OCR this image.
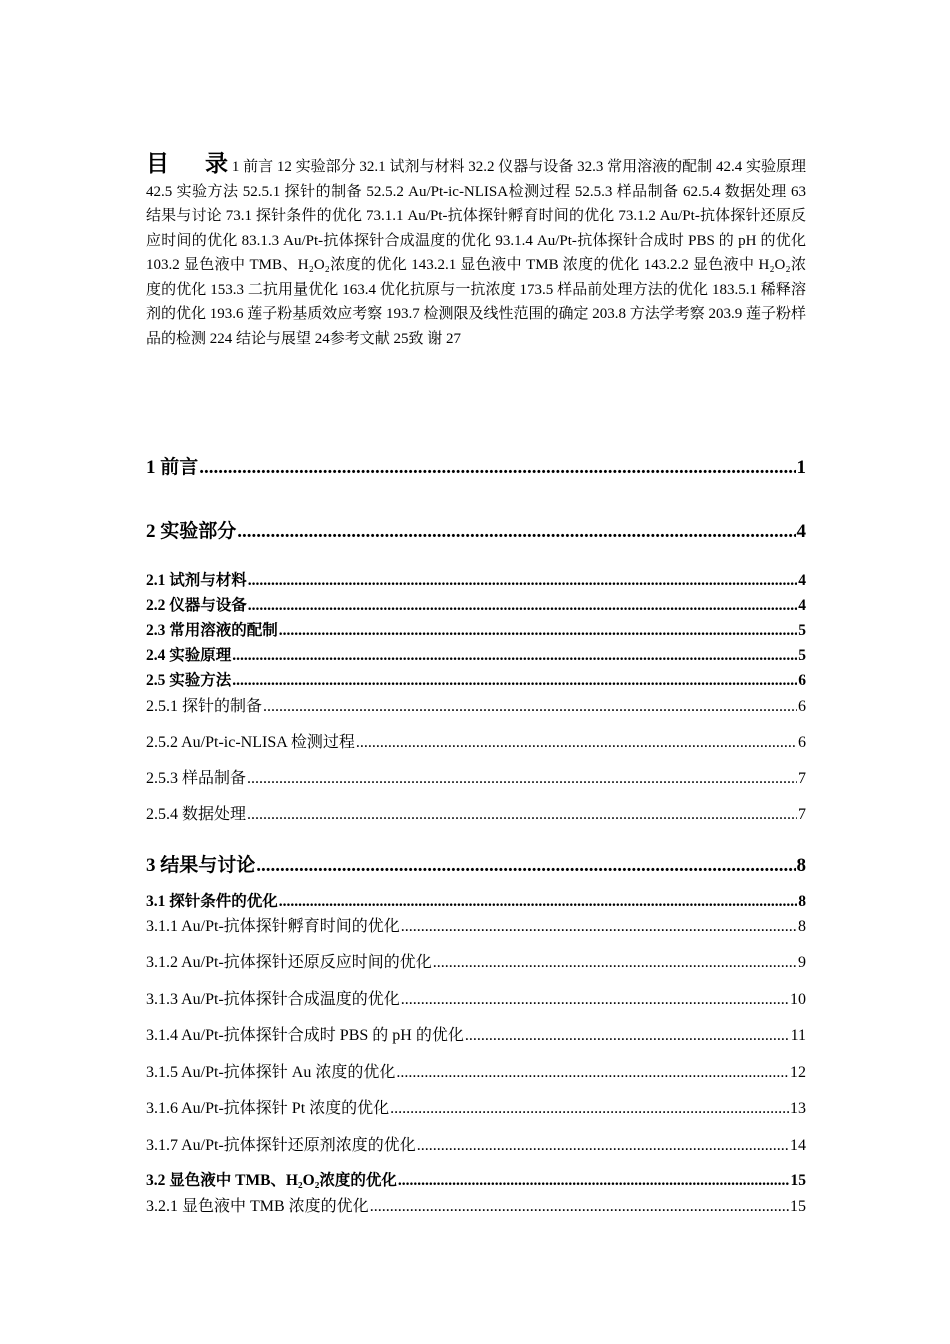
目 录 1 前言 12 实验部分 32.1 试剂与材料 32.2 仪器与设备 32.3 常用溶液的配制 42.4 实验原理 42.5 实验方法 52.5.1 探针的制备 52.5.2 Au/Pt-ic-NLISA检测过程 52.5.3 样品制备 62.5.4 数据处理 63 结果与讨论 73.1 探针条件的优化 73.1.1 Au/Pt-抗体探针孵育时间的优化 73.1.2 Au/Pt-抗体探针还原反应时间的优化 83.1.3 Au/Pt-抗体探针合成温度的优化 93.1.4 Au/Pt-抗体探针合成时 PBS 的 pH 的优化 103.2 显色液中 TMB、H₂O₂浓度的优化 143.2.1 显色液中 TMB 浓度的优化 143.2.2 显色液中 H₂O₂浓度的优化 153.3 二抗用量优化 163.4 优化抗原与一抗浓度 173.5 样品前处理方法的优化 183.5.1 稀释溶剂的优化 193.6 莲子粉基质效应考察 193.7 检测限及线性范围的确定 203.8 方法学考察 203.9 莲子粉样品的检测 224 结论与展望 24参考文献 25致 谢 27
1 前言 .....	1
2 实验部分 .....	4
2.1 试剂与材料 .....	4
2.2 仪器与设备 .....	4
2.3 常用溶液的配制 .....	5
2.4 实验原理 .....	5
2.5 实验方法 .....	6
2.5.1 探针的制备 .....	6
2.5.2 Au/Pt-ic-NLISA 检测过程 .....	6
2.5.3 样品制备 .....	7
2.5.4 数据处理 .....	7
3 结果与讨论 .....	8
3.1 探针条件的优化 .....	8
3.1.1 Au/Pt-抗体探针孵育时间的优化 .....	8
3.1.2 Au/Pt-抗体探针还原反应时间的优化 .....	9
3.1.3 Au/Pt-抗体探针合成温度的优化 .....	10
3.1.4 Au/Pt-抗体探针合成时 PBS 的 pH 的优化 .....	11
3.1.5 Au/Pt-抗体探针 Au 浓度的优化 .....	12
3.1.6 Au/Pt-抗体探针 Pt 浓度的优化 .....	13
3.1.7 Au/Pt-抗体探针还原剂浓度的优化 .....	14
3.2 显色液中 TMB、H₂O₂浓度的优化 .....	15
3.2.1 显色液中 TMB 浓度的优化 .....	15
